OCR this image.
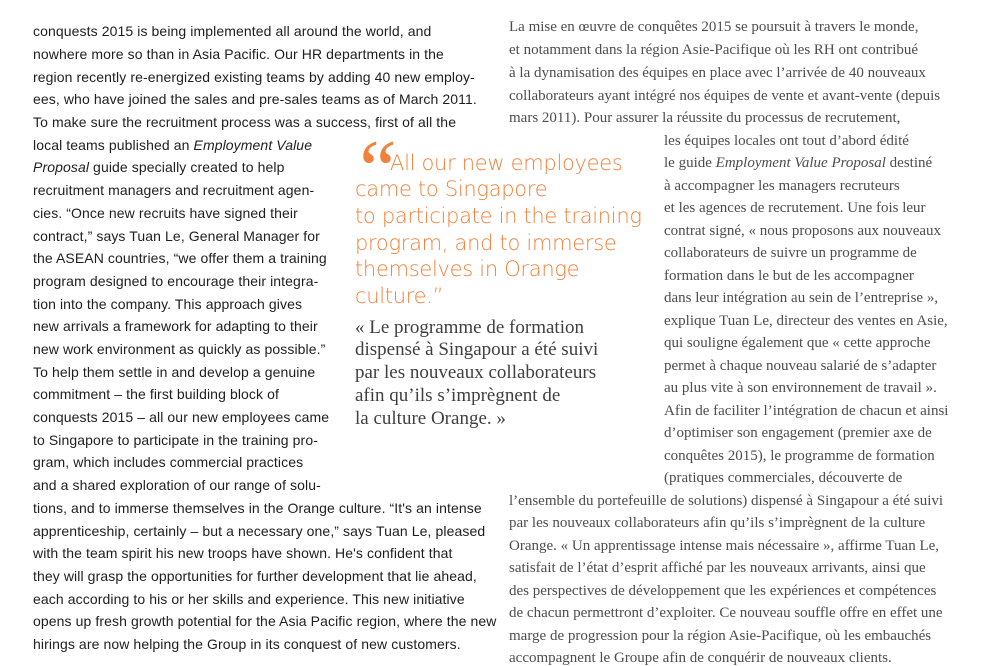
conquests 2015 is being implemented all around the world, and
nowhere more so than in Asia Pacific. Our HR departments in the
region recently re-energized existing teams by adding 40 new employ-
ees, who have joined the sales and pre-sales teams as of March 2011.
To make sure the recruitment process was a success, first of all the
local teams published an Employment Value
Proposal guide specially created to help
recruitment managers and recruitment agen-
cies. “Once new recruits have signed their
contract,” says Tuan Le, General Manager for
the ASEAN countries, “we offer them a training
program designed to encourage their integra-
tion into the company. This approach gives
new arrivals a framework for adapting to their
new work environment as quickly as possible.”
To help them settle in and develop a genuine
commitment – the first building block of
conquests 2015 – all our new employees came
to Singapore to participate in the training pro-
gram, which includes commercial practices
and a shared exploration of our range of solu-
tions, and to immerse themselves in the Orange culture. “It's an intense
apprenticeship, certainly – but a necessary one,” says Tuan Le, pleased
with the team spirit his new troops have shown. He's confident that
they will grasp the opportunities for further development that lie ahead,
each according to his or her skills and experience. This new initiative
opens up fresh growth potential for the Asia Pacific region, where the new
hirings are now helping the Group in its conquest of new customers.
La mise en œuvre de conquêtes 2015 se poursuit à travers le monde,
et notamment dans la région Asie-Pacifique où les RH ont contribué
à la dynamisation des équipes en place avec l’arrivée de 40 nouveaux
collaborateurs ayant intégré nos équipes de vente et avant-vente (depuis
mars 2011). Pour assurer la réussite du processus de recrutement,
les équipes locales ont tout d’abord édité
le guide Employment Value Proposal destiné
à accompagner les managers recruteurs
et les agences de recrutement. Une fois leur
contrat signé, « nous proposons aux nouveaux
collaborateurs de suivre un programme de
formation dans le but de les accompagner
dans leur intégration au sein de l’entreprise »,
explique Tuan Le, directeur des ventes en Asie,
qui souligne également que « cette approche
permet à chaque nouveau salarié de s’adapter
au plus vite à son environnement de travail ».
Afin de faciliter l’intégration de chacun et ainsi
d’optimiser son engagement (premier axe de
conquêtes 2015), le programme de formation
(pratiques commerciales, découverte de
l’ensemble du portefeuille de solutions) dispensé à Singapour a été suivi
par les nouveaux collaborateurs afin qu’ils s’imprègnent de la culture
Orange. « Un apprentissage intense mais nécessaire », affirme Tuan Le,
satisfait de l’état d’esprit affiché par les nouveaux arrivants, ainsi que
des perspectives de développement que les expériences et compétences
de chacun permettront d’exploiter. Ce nouveau souffle offre en effet une
marge de progression pour la région Asie-Pacifique, où les embauchés
accompagnent le Groupe afin de conquérir de nouveaux clients.
“
All our new employees
came to Singapore
to participate in the training
program, and to immerse
themselves in Orange
culture.”
« Le programme de formation
dispensé à Singapour a été suivi
par les nouveaux collaborateurs
afin qu’ils s’imprègnent de
la culture Orange. »
